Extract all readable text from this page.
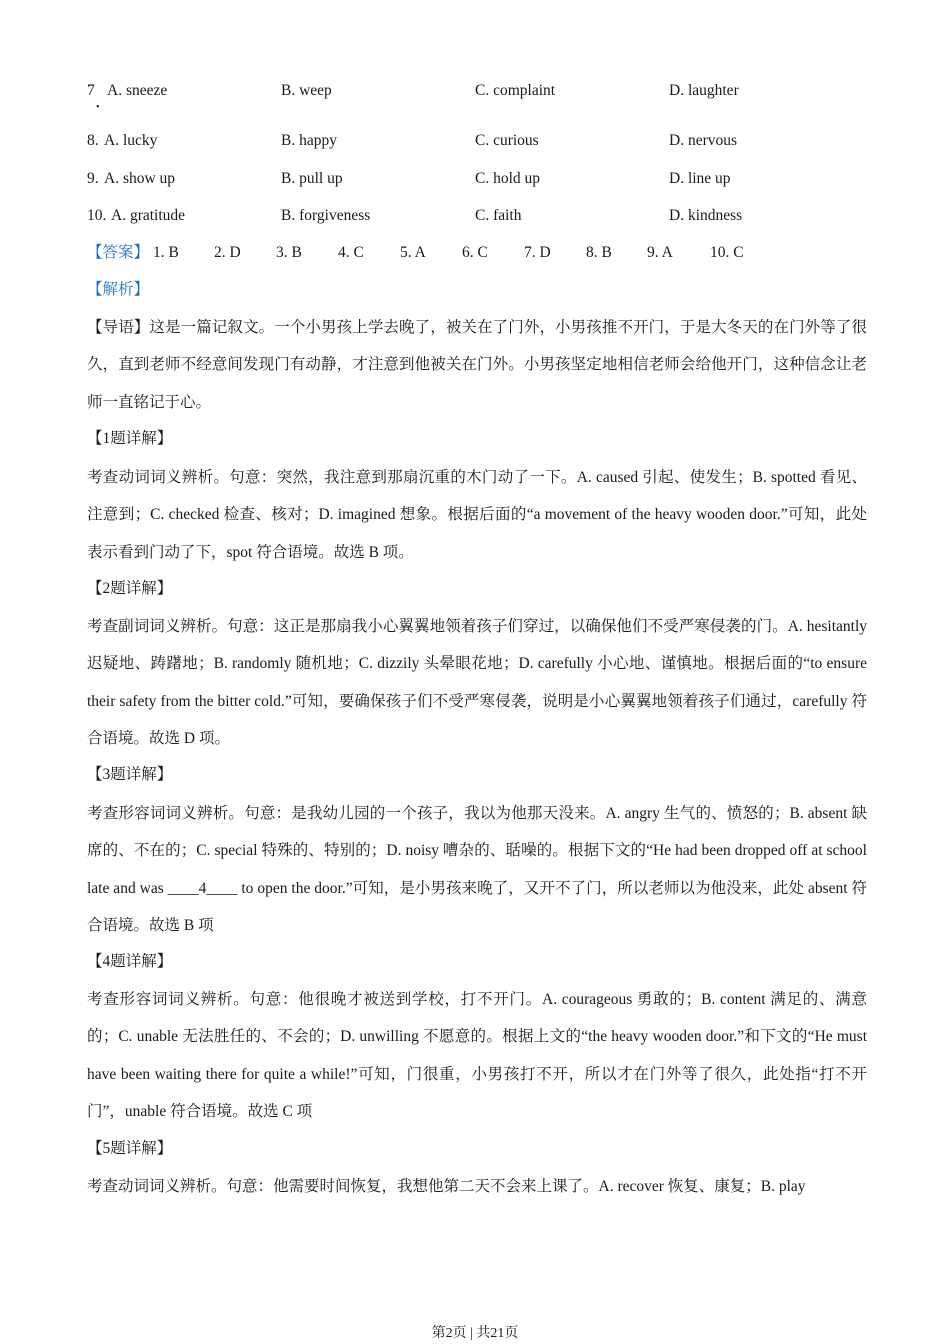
7 A. sneeze	B. weep	C. complaint	D. laughter
•
8. A. lucky	B. happy	C. curious	D. nervous
9. A. show up	B. pull up	C. hold up	D. line up
10. A. gratitude	B. forgiveness	C. faith	D. kindness
【答案】 1. B 2. D 3. B 4. C 5. A 6. C 7. D 8. B 9. A 10. C
【解析】
【导语】这是一篇记叙文。一个小男孩上学去晚了，被关在了门外，小男孩推不开门，于是大冬天的在门外等了很久，直到老师不经意间发现门有动静，才注意到他被关在门外。小男孩坚定地相信老师会给他开门，这种信念让老师一直铭记于心。
【1题详解】
考查动词词义辨析。句意：突然，我注意到那扇沉重的木门动了一下。A. caused 引起、使发生；B. spotted 看见、注意到；C. checked 检查、核对；D. imagined 想象。根据后面的“a movement of the heavy wooden door.”可知，此处表示看到门动了下，spot 符合语境。故选 B 项。
【2题详解】
考查副词词义辨析。句意：这正是那扇我小心翼翼地领着孩子们穿过，以确保他们不受严寒侵袭的门。A. hesitantly 迟疑地、踌躇地；B. randomly 随机地；C. dizzily 头晕眼花地；D. carefully 小心地、谨慎地。根据后面的“to ensure their safety from the bitter cold.”可知，要确保孩子们不受严寒侵袭，说明是小心翼翼地领着孩子们通过，carefully 符合语境。故选 D 项。
【3题详解】
考查形容词词义辨析。句意：是我幼儿园的一个孩子，我以为他那天没来。A. angry 生气的、愤怒的；B. absent 缺席的、不在的；C. special 特殊的、特别的；D. noisy 嘈杂的、聒噪的。根据下文的“He had been dropped off at school late and was ____4____ to open the door.”可知，是小男孩来晚了，又开不了门，所以老师以为他没来，此处 absent 符合语境。故选 B 项
【4题详解】
考查形容词词义辨析。句意：他很晚才被送到学校，打不开门。A. courageous 勇敢的；B. content 满足的、满意的；C. unable 无法胜任的、不会的；D. unwilling 不愿意的。根据上文的“the heavy wooden door.”和下文的“He must have been waiting there for quite a while!”可知，门很重，小男孩打不开，所以才在门外等了很久，此处指“打不开门”，unable 符合语境。故选 C 项
【5题详解】
考查动词词义辨析。句意：他需要时间恢复，我想他第二天不会来上课了。A. recover 恢复、康复；B. play
第2页 | 共21页
